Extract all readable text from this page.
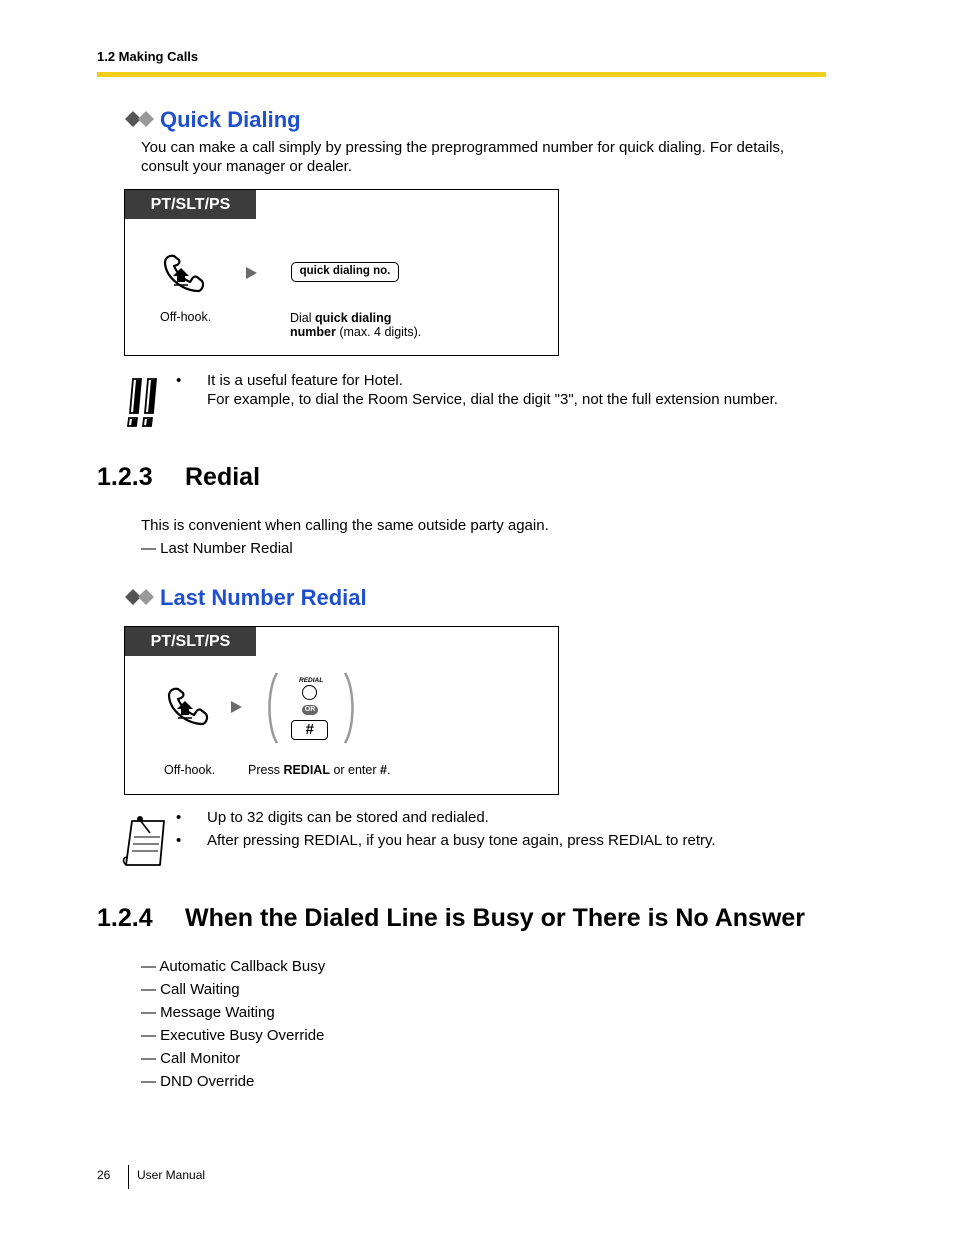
1.2 Making Calls
Quick Dialing
You can make a call simply by pressing the preprogrammed number for quick dialing. For details, consult your manager or dealer.
PT/SLT/PS
quick dialing no.
Off-hook.	Dial quick dialing number (max. 4 digits).
• It is a useful feature for Hotel.
For example, to dial the Room Service, dial the digit "3", not the full extension number.
1.2.3 Redial
This is convenient when calling the same outside party again.
— Last Number Redial
Last Number Redial
PT/SLT/PS
REDIAL
OR
#
Off-hook.	Press REDIAL or enter #.
• Up to 32 digits can be stored and redialed.
• After pressing REDIAL, if you hear a busy tone again, press REDIAL to retry.
1.2.4 When the Dialed Line is Busy or There is No Answer
— Automatic Callback Busy
— Call Waiting
— Message Waiting
— Executive Busy Override
— Call Monitor
— DND Override
26 User Manual
